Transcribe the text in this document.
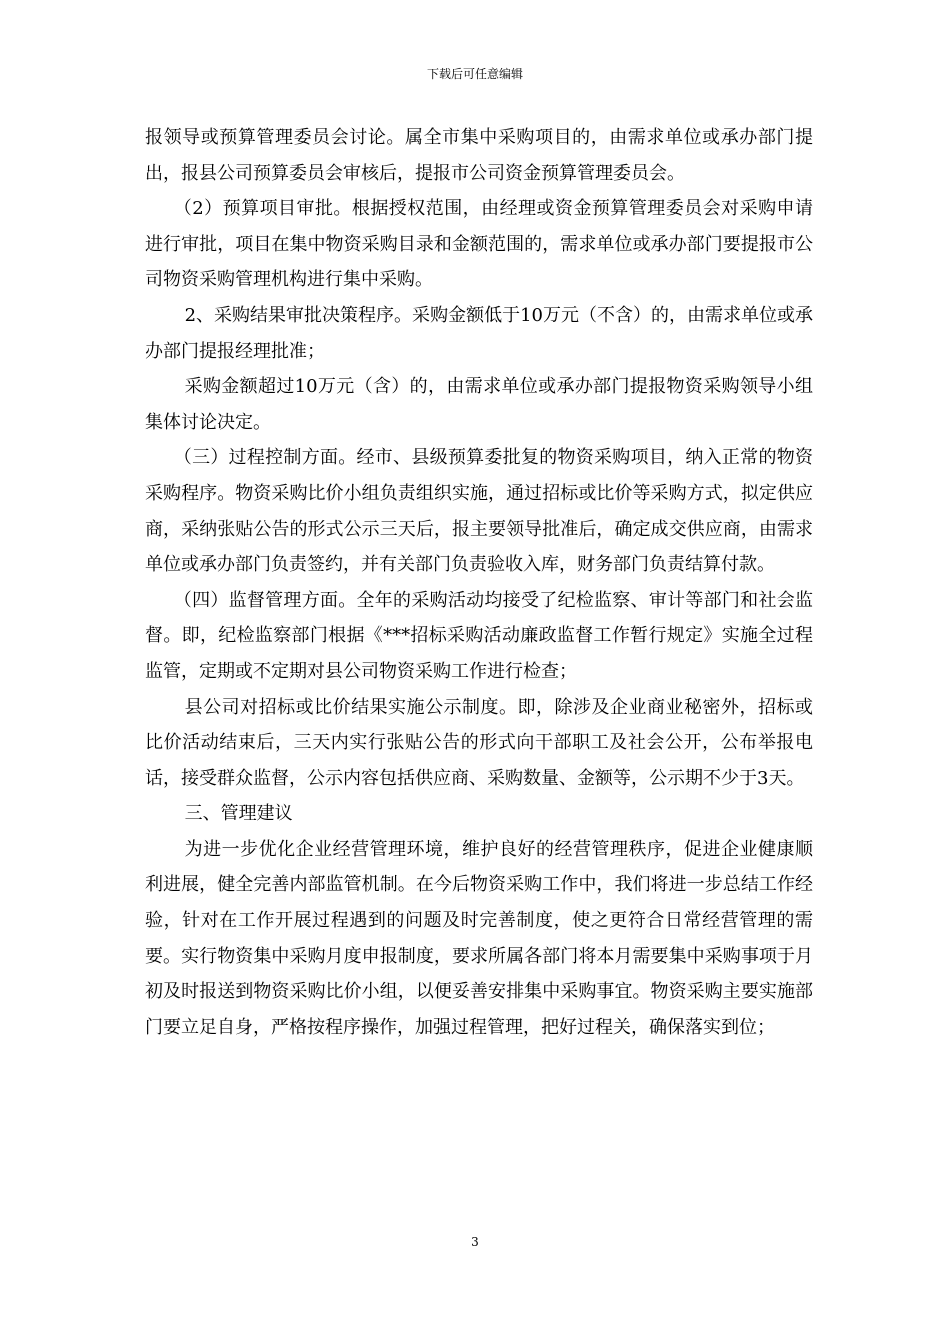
下载后可任意编辑

报领导或预算管理委员会讨论。属全市集中采购项目的，由需求单位或承办部门提出，报县公司预算委员会审核后，提报市公司资金预算管理委员会。

（2）预算项目审批。根据授权范围，由经理或资金预算管理委员会对采购申请进行审批，项目在集中物资采购目录和金额范围的，需求单位或承办部门要提报市公司物资采购管理机构进行集中采购。

2、采购结果审批决策程序。采购金额低于10万元（不含）的，由需求单位或承办部门提报经理批准；

采购金额超过10万元（含）的，由需求单位或承办部门提报物资采购领导小组集体讨论决定。

（三）过程控制方面。经市、县级预算委批复的物资采购项目，纳入正常的物资采购程序。物资采购比价小组负责组织实施，通过招标或比价等采购方式，拟定供应商，采纳张贴公告的形式公示三天后，报主要领导批准后，确定成交供应商，由需求单位或承办部门负责签约，并有关部门负责验收入库，财务部门负责结算付款。

（四）监督管理方面。全年的采购活动均接受了纪检监察、审计等部门和社会监督。即，纪检监察部门根据《***招标采购活动廉政监督工作暂行规定》实施全过程监管，定期或不定期对县公司物资采购工作进行检查；

县公司对招标或比价结果实施公示制度。即，除涉及企业商业秘密外，招标或比价活动结束后，三天内实行张贴公告的形式向干部职工及社会公开，公布举报电话，接受群众监督，公示内容包括供应商、采购数量、金额等，公示期不少于3天。

三、管理建议

为进一步优化企业经营管理环境，维护良好的经营管理秩序，促进企业健康顺利进展，健全完善内部监管机制。在今后物资采购工作中，我们将进一步总结工作经验，针对在工作开展过程遇到的问题及时完善制度，使之更符合日常经营管理的需要。实行物资集中采购月度申报制度，要求所属各部门将本月需要集中采购事项于月初及时报送到物资采购比价小组，以便妥善安排集中采购事宜。物资采购主要实施部门要立足自身，严格按程序操作，加强过程管理，把好过程关，确保落实到位；

3
